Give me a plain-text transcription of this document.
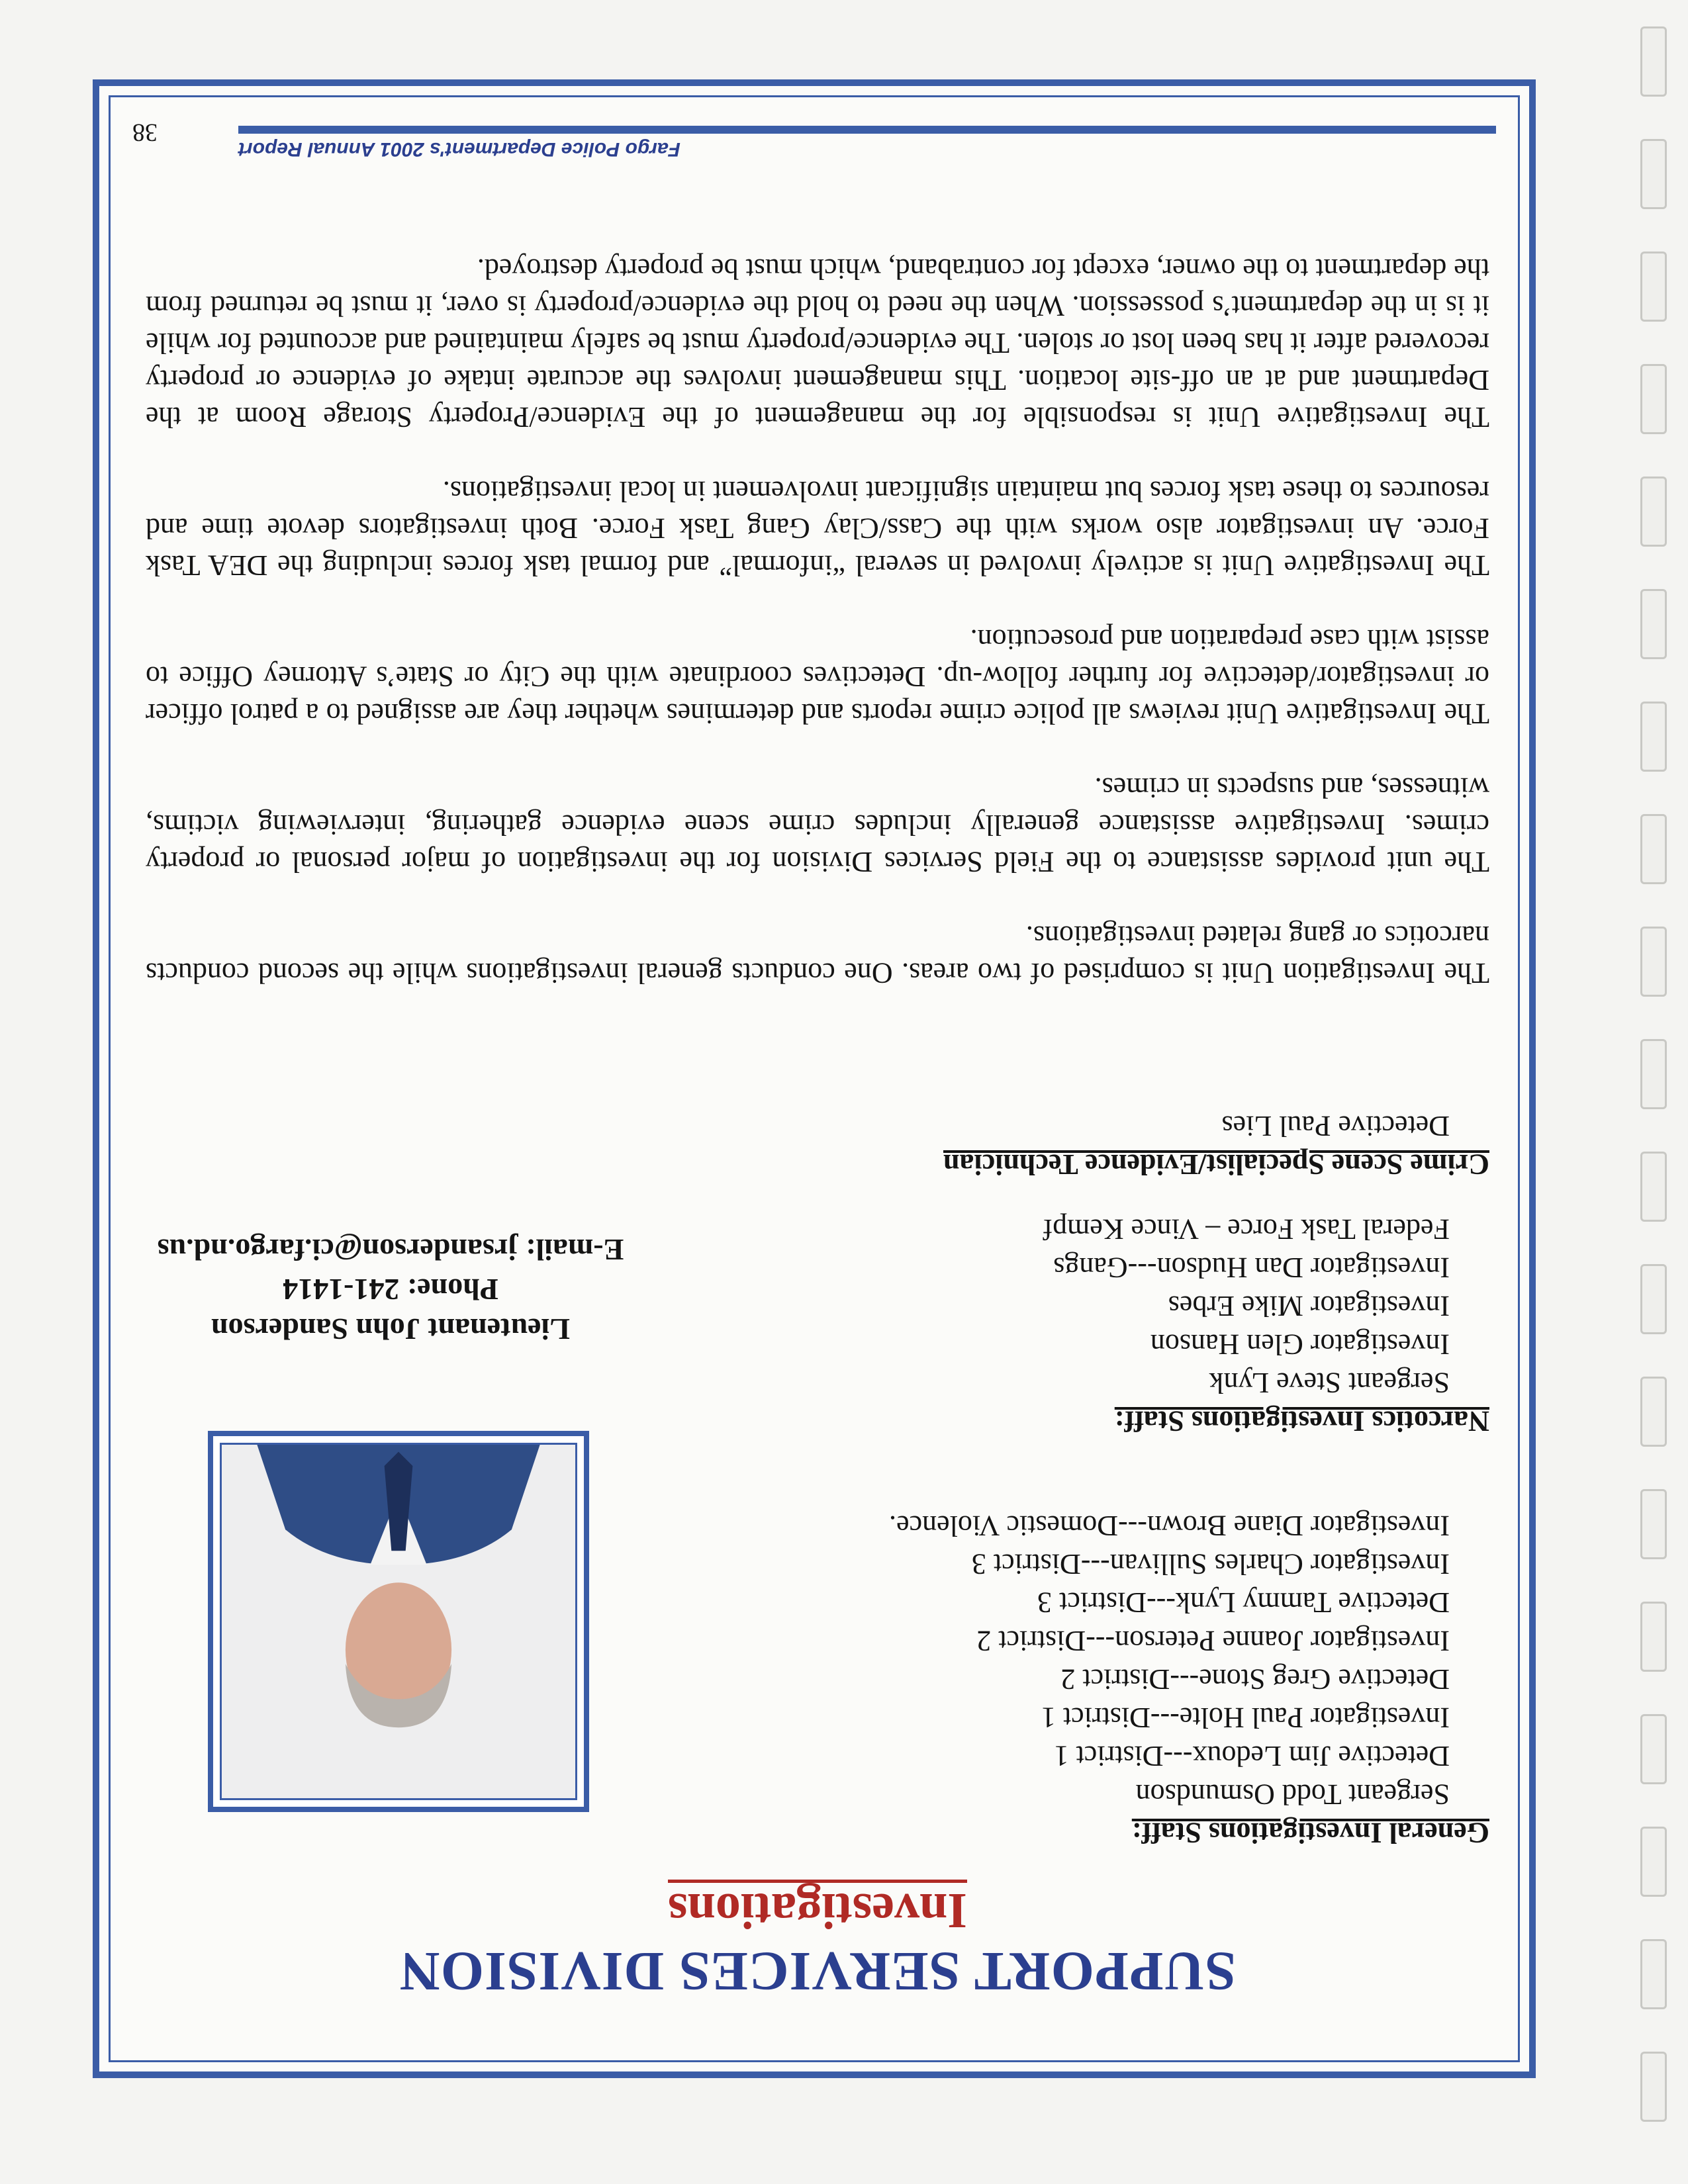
SUPPORT SERVICES DIVISION
Investigations
General Investigations Staff:
Sergeant Todd Osmundson
Detective Jim Ledoux---District 1
Investigator Paul Holte---District 1
Detective Greg Stone---District 2
Investigator Joanne Peterson---District 2
Detective Tammy Lynk---District 3
Investigator Charles Sullivan---District 3
Investigator Diane Brown---Domestic Violence.
Narcotics Investigations Staff:
Sergeant Steve Lynk
Investigator Glen Hanson
Investigator Mike Erbes
Investigator Dan Hudson---Gangs
Federal Task Force – Vince Kempf
Crime Scene Specialist/Evidence Technician
Detective Paul Lies
Lieutenant John Sanderson
Phone: 241-1414
E-mail: jrsanderson@ci.fargo.nd.us

The Investigation Unit is comprised of two areas. One conducts general investigations while the second conducts narcotics or gang related investigations.

The unit provides assistance to the Field Services Division for the investigation of major personal or property crimes. Investigative assistance generally includes crime scene evidence gathering, interviewing victims, witnesses, and suspects in crimes.

The Investigative Unit reviews all police crime reports and determines whether they are assigned to a patrol officer or investigator/detective for further follow-up. Detectives coordinate with the City or State’s Attorney Office to assist with case preparation and prosecution.

The Investigative Unit is actively involved in several “informal” and formal task forces including the DEA Task Force. An investigator also works with the Cass/Clay Gang Task Force. Both investigators devote time and resources to these task forces but maintain significant involvement in local investigations.

The Investigative Unit is responsible for the management of the Evidence/Property Storage Room at the Department and at an off-site location. This management involves the accurate intake of evidence or property recovered after it has been lost or stolen. The evidence/property must be safely maintained and accounted for while it is in the department’s possession. When the need to hold the evidence/property is over, it must be returned from the department to the owner, except for contraband, which must be property destroyed.

Fargo Police Department's 2001 Annual Report
38
